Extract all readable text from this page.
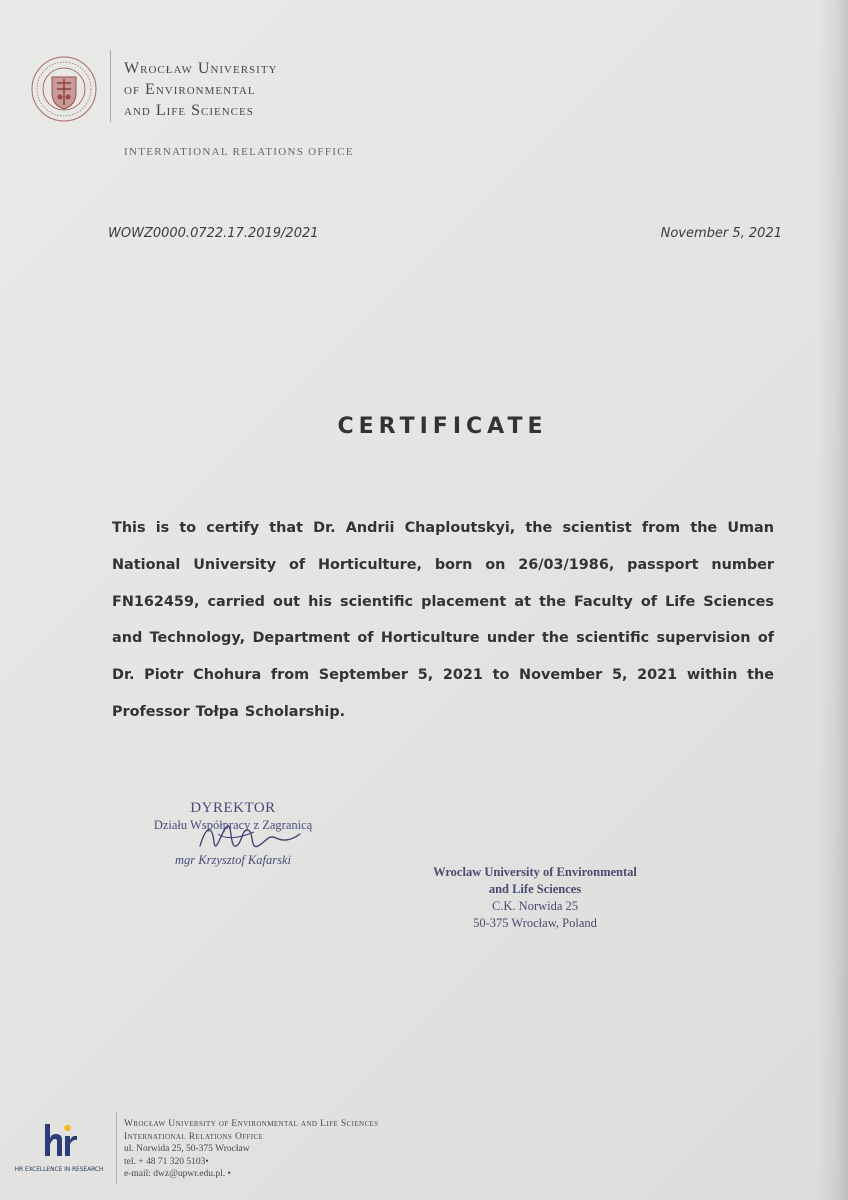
Wrocław University
of Environmental
and Life Sciences
INTERNATIONAL RELATIONS OFFICE
WOWZ0000.0722.17.2019/2021	November 5, 2021
CERTIFICATE
This is to certify that Dr. Andrii Chaploutskyi, the scientist from the Uman National University of Horticulture, born on 26/03/1986, passport number FN162459, carried out his scientific placement at the Faculty of Life Sciences and Technology, Department of Horticulture under the scientific supervision of Dr. Piotr Chohura from September 5, 2021 to November 5, 2021 within the Professor Tołpa Scholarship.
DYREKTOR
Działu Współpracy z Zagranicą
mgr Krzysztof Kafarski
Wroclaw University of Environmental
and Life Sciences
C.K. Norwida 25
50-375 Wrocław, Poland
HR EXCELLENCE IN RESEARCH
Wrocław University of Environmental and Life Sciences
International Relations Office
ul. Norwida 25, 50-375 Wrocław
tel. + 48 71 320 5103•
e-mail: dwz@upwr.edu.pl. •
